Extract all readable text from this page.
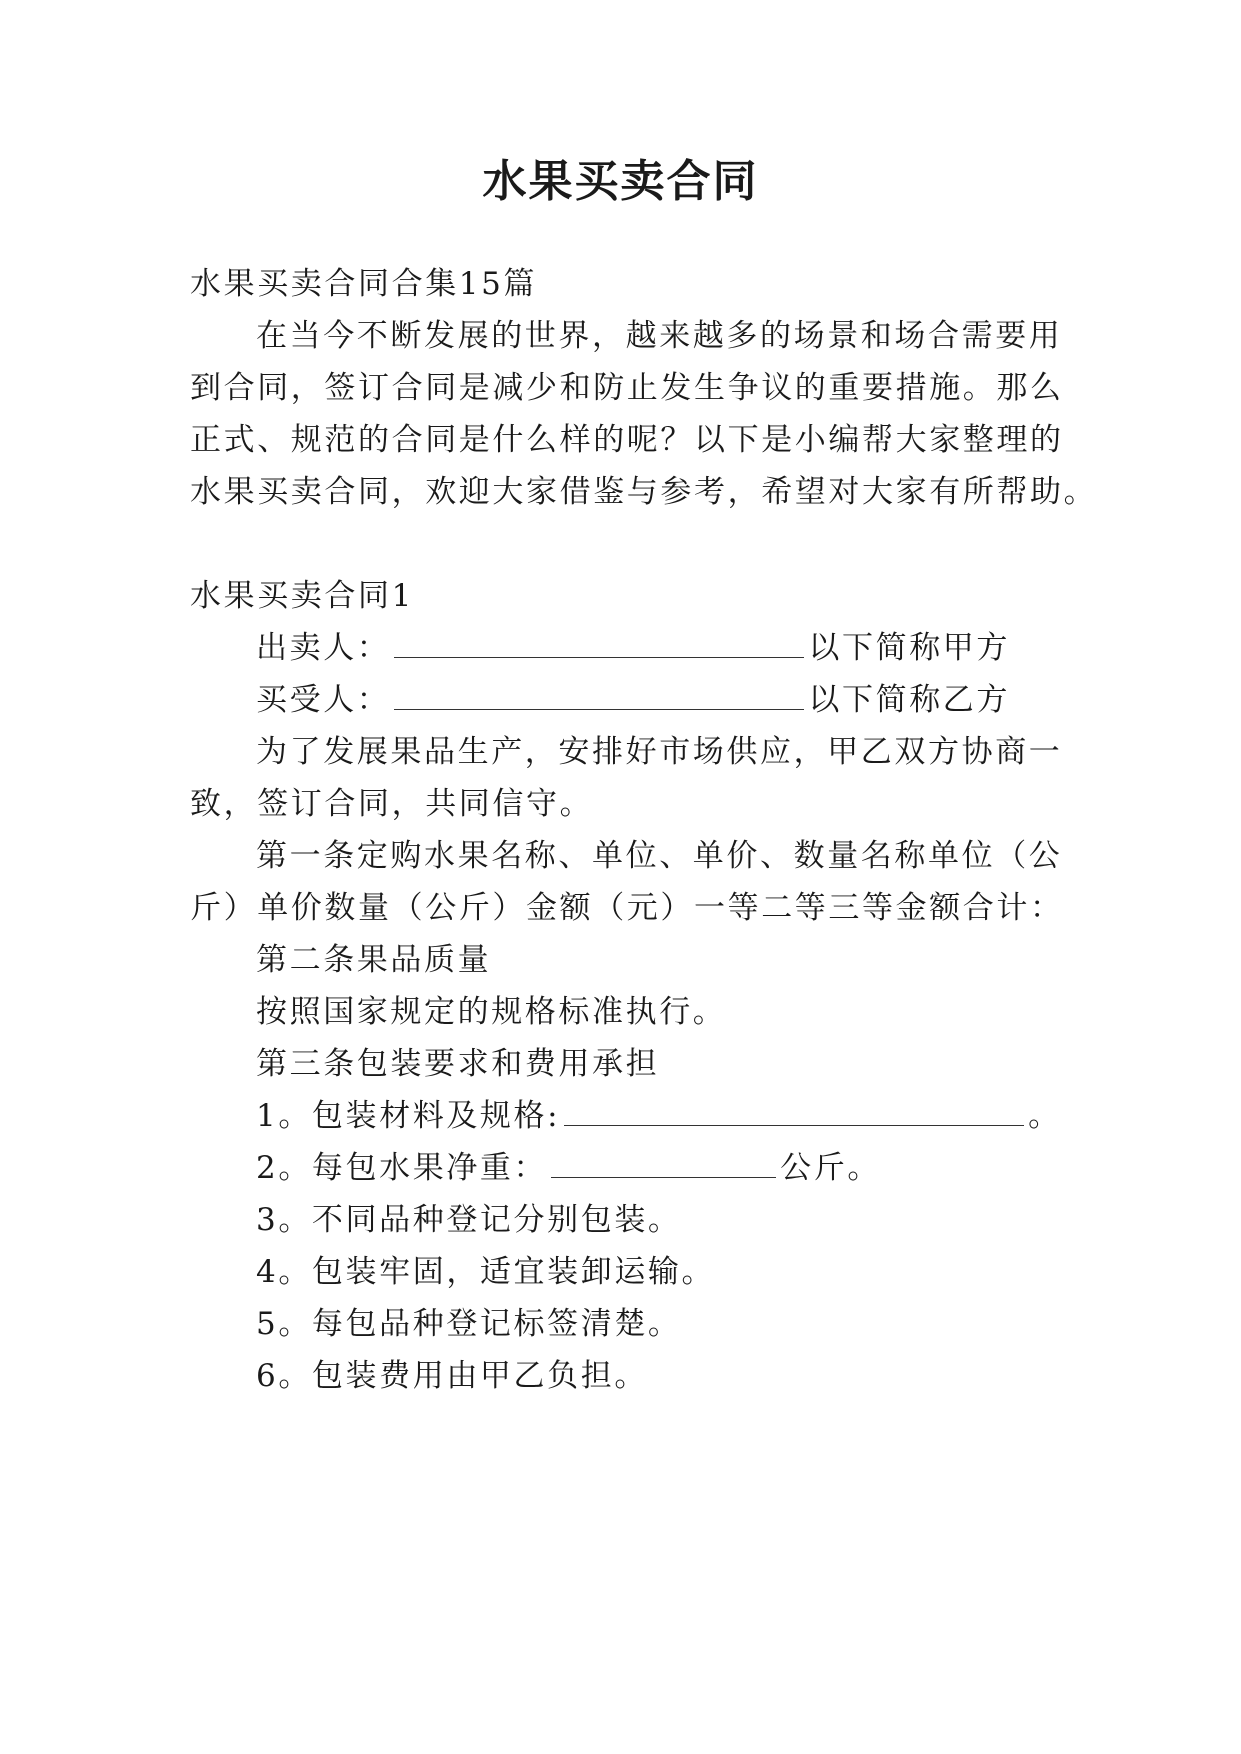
水果买卖合同
水果买卖合同合集15篇
在当今不断发展的世界，越来越多的场景和场合需要用
到合同，签订合同是减少和防止发生争议的重要措施。那么
正式、规范的合同是什么样的呢？以下是小编帮大家整理的
水果买卖合同，欢迎大家借鉴与参考，希望对大家有所帮助。
水果买卖合同1
出卖人：	以下简称甲方
买受人：	以下简称乙方
为了发展果品生产，安排好市场供应，甲乙双方协商一
致，签订合同，共同信守。
第一条定购水果名称、单位、单价、数量名称单位（公
斤）单价数量（公斤）金额（元）一等二等三等金额合计：
第二条果品质量
按照国家规定的规格标准执行。
第三条包装要求和费用承担
1。包装材料及规格:	。
2。每包水果净重：	公斤。
3。不同品种登记分别包装。
4。包装牢固，适宜装卸运输。
5。每包品种登记标签清楚。
6。包装费用由甲乙负担。
